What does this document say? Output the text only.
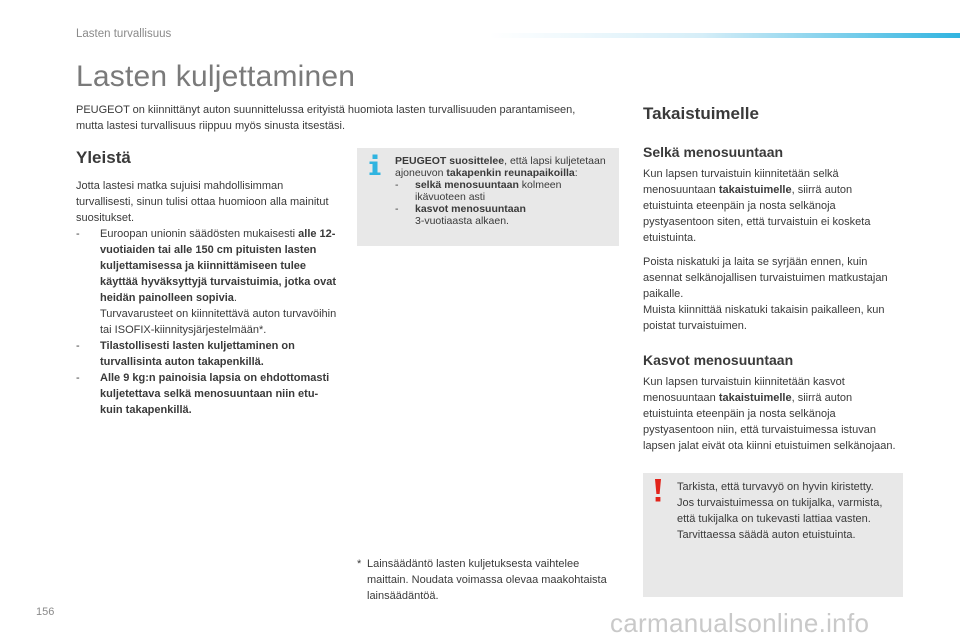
Lasten turvallisuus
Lasten kuljettaminen

PEUGEOT on kiinnittänyt auton suunnittelussa erityistä huomiota lasten turvallisuuden parantamiseen, mutta lastesi turvallisuus riippuu myös sinusta itsestäsi.

Yleistä

Jotta lastesi matka sujuisi mahdollisimman turvallisesti, sinun tulisi ottaa huomioon alla mainitut suositukset.

- Euroopan unionin säädösten mukaisesti alle 12-vuotiaiden tai alle 150 cm pituisten lasten kuljettamisessa ja kiinnittämiseen tulee käyttää hyväksyttyjä turvaistuimia, jotka ovat heidän painolleen sopivia.
Turvavarusteet on kiinnitettävä auton turvavöihin tai ISOFIX-kiinnitysjärjestelmään*.
- Tilastollisesti lasten kuljettaminen on turvallisinta auton takapenkillä.
- Alle 9 kg:n painoisia lapsia on ehdottomasti kuljetettava selkä menosuuntaan niin etu- kuin takapenkillä.
PEUGEOT suosittelee, että lapsi kuljetetaan ajoneuvon takapenkin reunapaikoilla:
- selkä menosuuntaan kolmeen ikävuoteen asti
- kasvot menosuuntaan
3-vuotiaasta alkaen.
* Lainsäädäntö lasten kuljetuksesta vaihtelee maittain. Noudata voimassa olevaa maakohtaista lainsäädäntöä.
Takaistuimelle
Selkä menosuuntaan

Kun lapsen turvaistuin kiinnitetään selkä menosuuntaan takaistuimelle, siirrä auton etuistuinta eteenpäin ja nosta selkänoja pystyasentoon siten, että turvaistuin ei kosketa etuistuinta.

Poista niskatuki ja laita se syrjään ennen, kuin asennat selkänojallisen turvaistuimen matkustajan paikalle.

Muista kiinnittää niskatuki takaisin paikalleen, kun poistat turvaistuimen.

Kasvot menosuuntaan

Kun lapsen turvaistuin kiinnitetään kasvot menosuuntaan takaistuimelle, siirrä auton etuistuinta eteenpäin ja nosta selkänoja pystyasentoon niin, että turvaistuimessa istuvan lapsen jalat eivät ota kiinni etuistuimen selkänojaan.

Tarkista, että turvavyö on hyvin kiristetty.

Jos turvaistuimessa on tukijalka, varmista, että tukijalka on tukevasti lattiaa vasten. Tarvittaessa säädä auton etuistuinta.

156	carmanualsonline.info
